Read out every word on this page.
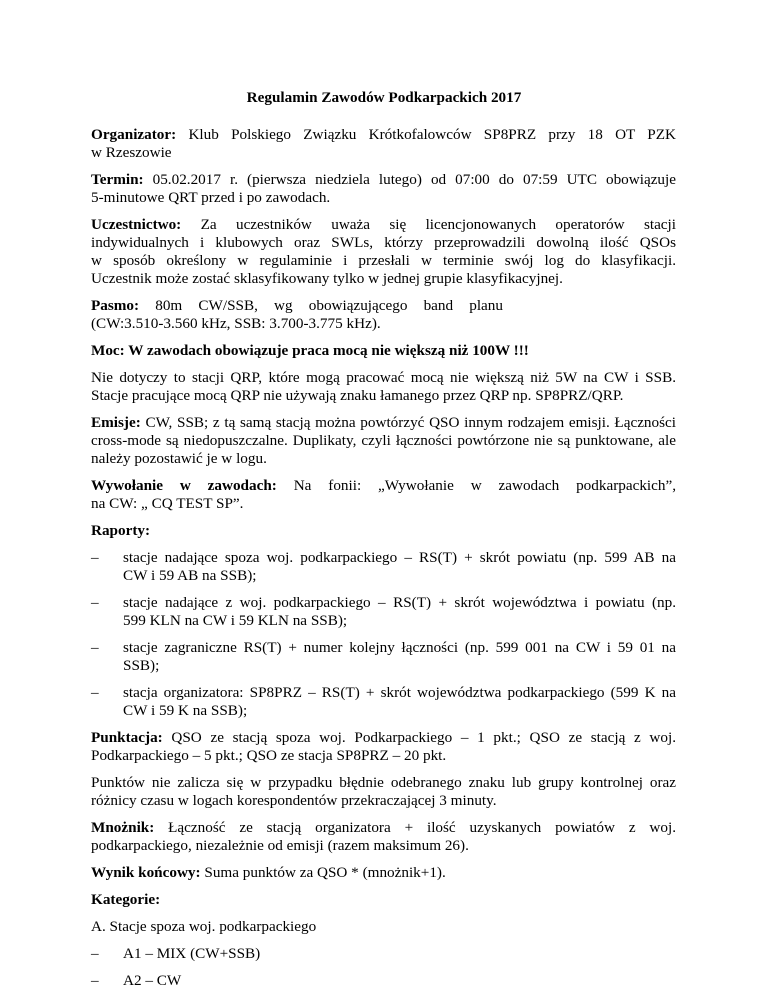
Regulamin Zawodów Podkarpackich 2017

Organizator: Klub Polskiego Związku Krótkofalowców SP8PRZ przy 18 OT PZK
w Rzeszowie

Termin: 05.02.2017 r. (pierwsza niedziela lutego) od 07:00 do 07:59 UTC obowiązuje
5-minutowe QRT przed i po zawodach.

Uczestnictwo: Za uczestników uważa się licencjonowanych operatorów stacji
indywidualnych i klubowych oraz SWLs, którzy przeprowadzili dowolną ilość QSOs
w sposób określony w regulaminie i przesłali w terminie swój log do klasyfikacji.
Uczestnik może zostać sklasyfikowany tylko w jednej grupie klasyfikacyjnej.

Pasmo: 80m CW/SSB, wg obowiązującego band planu
(CW:3.510-3.560 kHz, SSB: 3.700-3.775 kHz).

Moc: W zawodach obowiązuje praca mocą nie większą niż 100W !!!

Nie dotyczy to stacji QRP, które mogą pracować mocą nie większą niż 5W na CW i SSB.
Stacje pracujące mocą QRP nie używają znaku łamanego przez QRP np. SP8PRZ/QRP.

Emisje: CW, SSB; z tą samą stacją można powtórzyć QSO innym rodzajem emisji. Łączności
cross-mode są niedopuszczalne. Duplikaty, czyli łączności powtórzone nie są punktowane, ale
należy pozostawić je w logu.

Wywołanie w zawodach: Na fonii: „Wywołanie w zawodach podkarpackich”,
na CW: „ CQ TEST SP”.

Raporty:

– stacje nadające spoza woj. podkarpackiego – RS(T) + skrót powiatu (np. 599 AB na
CW i 59 AB na SSB);
– stacje nadające z woj. podkarpackiego – RS(T) + skrót województwa i powiatu (np.
599 KLN na CW i 59 KLN na SSB);
– stacje zagraniczne RS(T) + numer kolejny łączności (np. 599 001 na CW i 59 01 na
SSB);
– stacja organizatora: SP8PRZ – RS(T) + skrót województwa podkarpackiego (599 K na
CW i 59 K na SSB);

Punktacja: QSO ze stacją spoza woj. Podkarpackiego – 1 pkt.; QSO ze stacją z woj.
Podkarpackiego – 5 pkt.; QSO ze stacja SP8PRZ – 20 pkt.

Punktów nie zalicza się w przypadku błędnie odebranego znaku lub grupy kontrolnej oraz
różnicy czasu w logach korespondentów przekraczającej 3 minuty.

Mnożnik: Łączność ze stacją organizatora + ilość uzyskanych powiatów z woj.
podkarpackiego, niezależnie od emisji (razem maksimum 26).

Wynik końcowy: Suma punktów za QSO * (mnożnik+1).

Kategorie:

A. Stacje spoza woj. podkarpackiego

– A1 – MIX (CW+SSB)
– A2 – CW
